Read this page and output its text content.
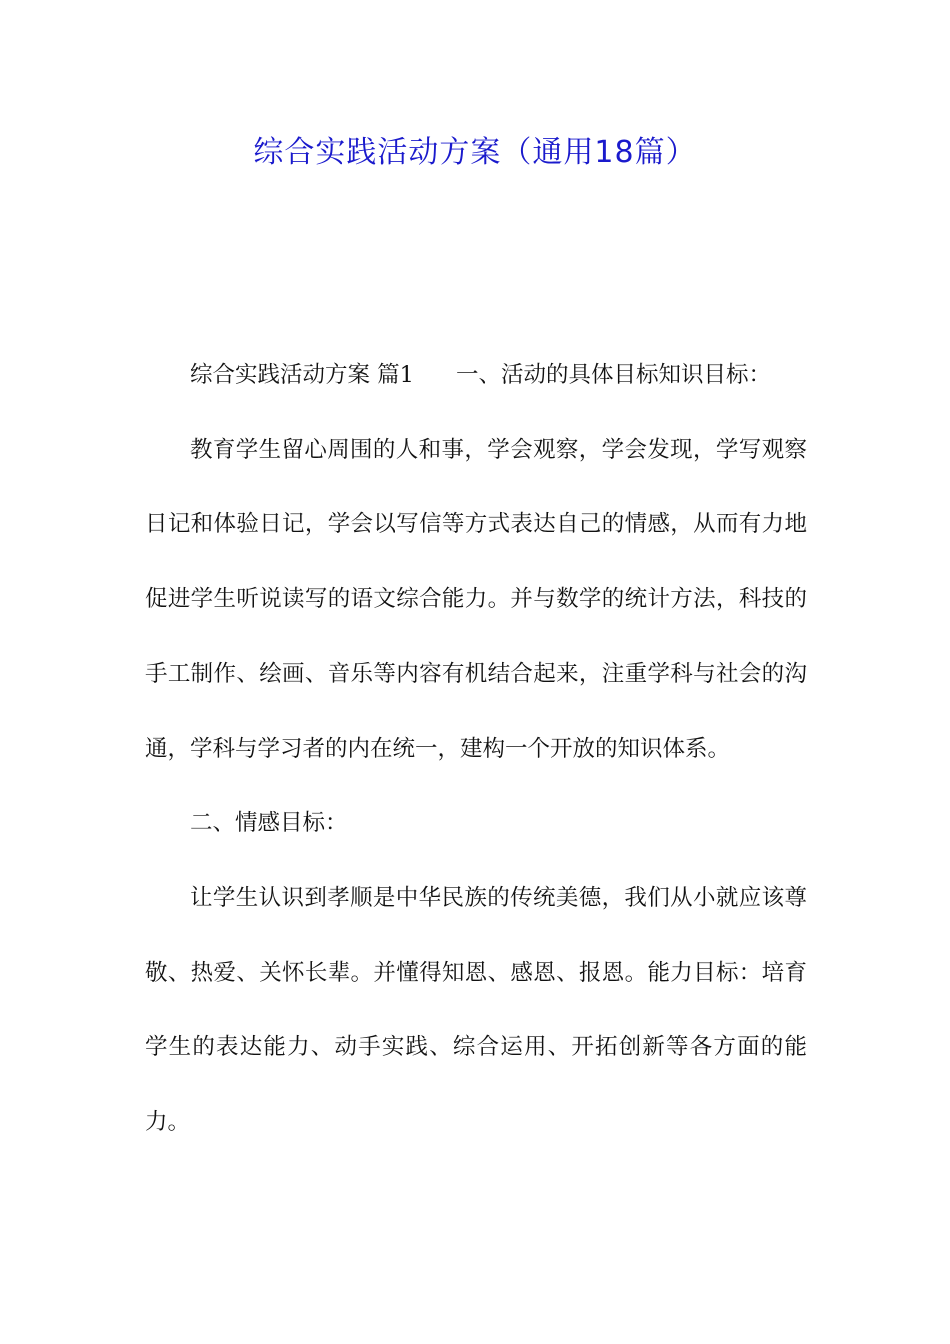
综合实践活动方案（通用18篇）

综合实践活动方案 篇1 一、活动的具体目标知识目标：

教育学生留心周围的人和事，学会观察，学会发现，学写观察日记和体验日记，学会以写信等方式表达自己的情感，从而有力地促进学生听说读写的语文综合能力。并与数学的统计方法，科技的手工制作、绘画、音乐等内容有机结合起来，注重学科与社会的沟通，学科与学习者的内在统一，建构一个开放的知识体系。

二、情感目标：

让学生认识到孝顺是中华民族的传统美德，我们从小就应该尊敬、热爱、关怀长辈。并懂得知恩、感恩、报恩。能力目标：培育学生的表达能力、动手实践、综合运用、开拓创新等各方面的能力。
